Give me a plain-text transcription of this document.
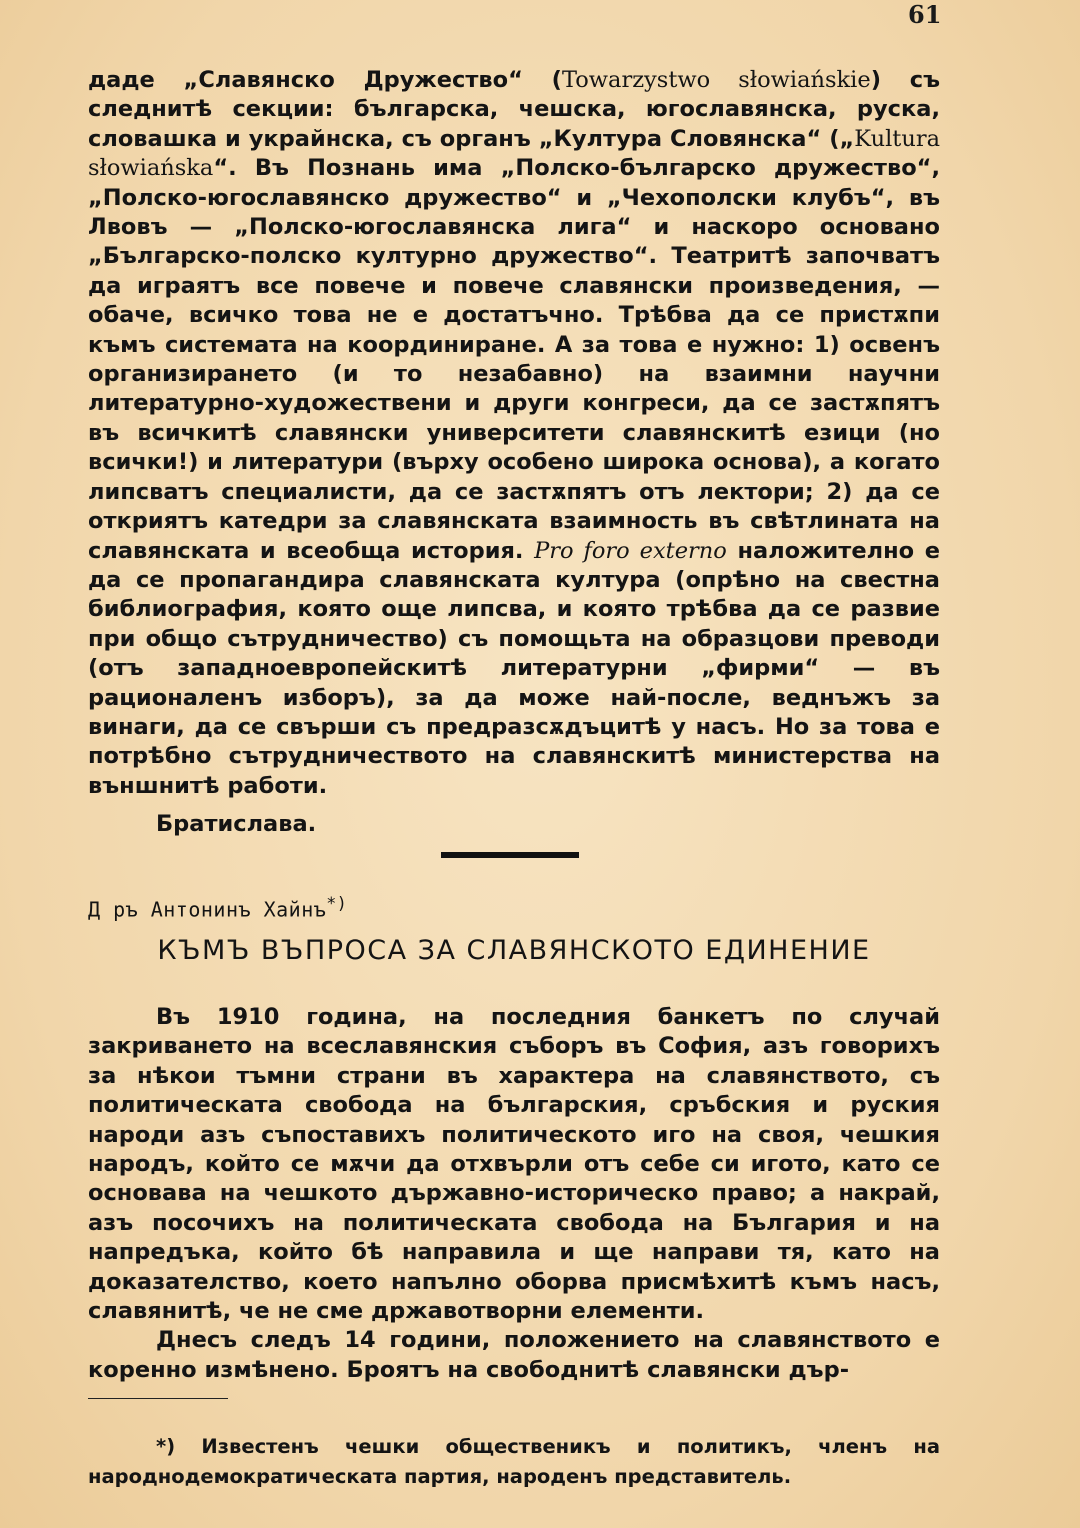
61

даде „Славянско Дружество“ (Towarzystwo słowiańskie) съ следнитѣ секции: българска, чешска, югославянска, руска, словашка и украйнска, съ органъ „Култура Словянска“ („Kultura słowiańska“. Въ Познань има „Полско-българско дружество“, „Полско-югославянско дружество“ и „Чехополски клубъ“, въ Лвовъ — „Полско-югославянска лига“ и наскоро основано „Българско-полско културно дружество“. Театритѣ започватъ да играятъ все повече и повече славянски произведения, — обаче, всичко това не е достатъчно. Трѣбва да се пристѫпи къмъ системата на координиране. А за това е нужно: 1) освенъ организирането (и то незабавно) на взаимни научни литературно-художествени и други конгреси, да се застѫпятъ въ всичкитѣ славянски университети славянскитѣ езици (но всички!) и литератури (върху особено широка основа), а когато липсватъ специалисти, да се застѫпятъ отъ лектори; 2) да се откриятъ катедри за славянската взаимность въ свѣтлината на славянската и всеобща история. Pro foro externo наложително е да се пропагандира славянската култура (опрѣно на свестна библиография, която още липсва, и която трѣбва да се развие при общо сътрудничество) съ помощьта на образцови преводи (отъ западноевропейскитѣ литературни „фирми“ — въ рационаленъ изборъ), за да може най-после, веднъжъ за винаги, да се свърши съ предразсѫдъцитѣ у насъ. Но за това е потрѣбно сътрудничеството на славянскитѣ министерства на външнитѣ работи.

Братислава.

Д ръ Антонинъ Хайнъ*)
КЪМЪ ВЪПРОСА ЗА СЛАВЯНСКОТО ЕДИНЕНИЕ

Въ 1910 година, на последния банкетъ по случай закриването на всеславянския съборъ въ София, азъ говорихъ за нѣкои тъмни страни въ характера на славянството, съ политическата свобода на българския, сръбския и руския народи азъ съпоставихъ политическото иго на своя, чешкия народъ, който се мѫчи да отхвърли отъ себе си игото, като се основава на чешкото държавно-историческо право; а накрай, азъ посочихъ на политическата свобода на България и на напредъка, който бѣ направила и ще направи тя, като на доказателство, което напълно оборва присмѣхитѣ къмъ насъ, славянитѣ, че не сме државотворни елементи.

Днесъ следъ 14 години, положението на славянството е коренно измѣнено. Броятъ на свободнитѣ славянски дър-

*) Известенъ чешки общественикъ и политикъ, членъ на народнодемократическата партия, народенъ представитель.
